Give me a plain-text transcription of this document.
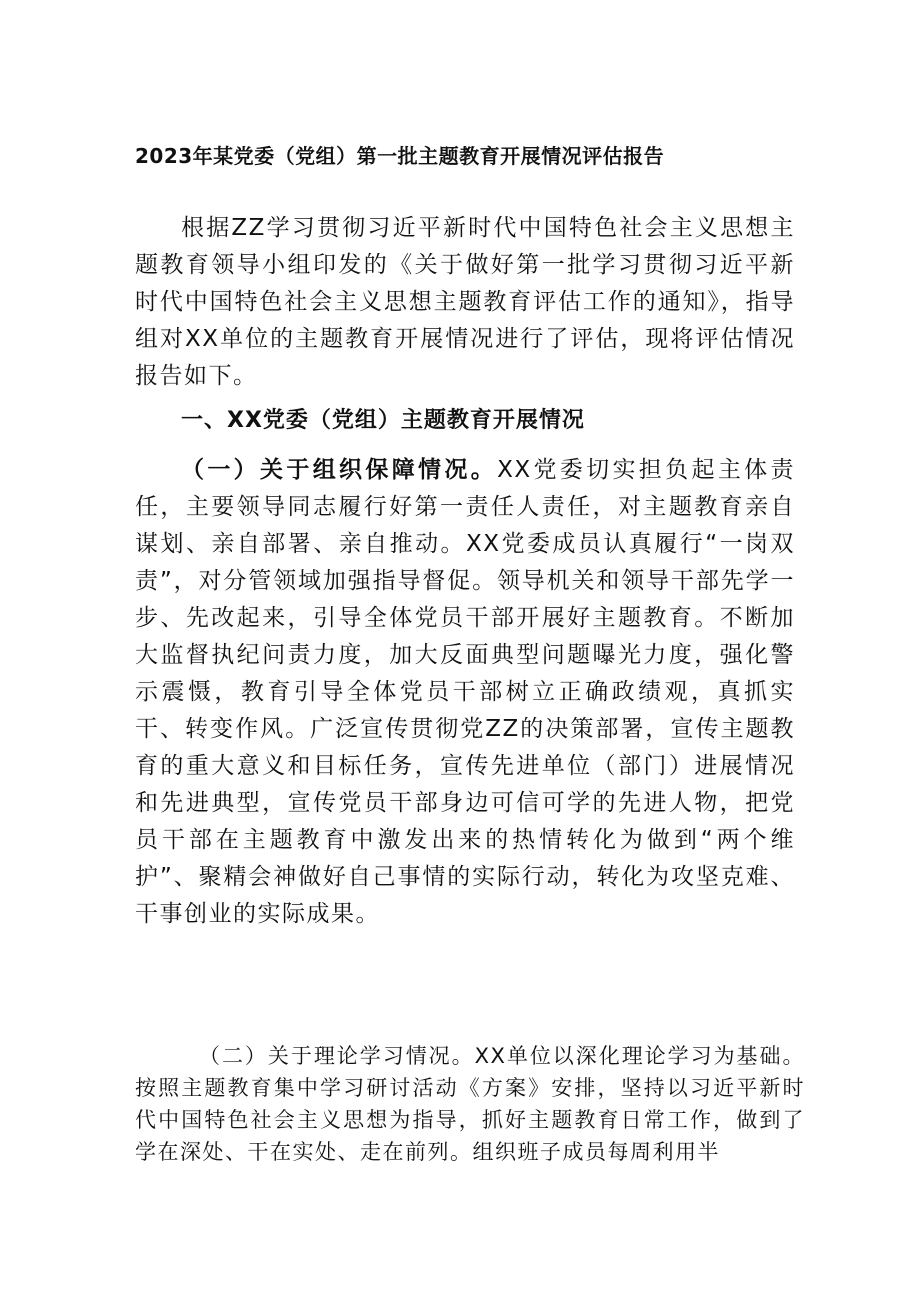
2023年某党委（党组）第一批主题教育开展情况评估报告

根据ZZ学习贯彻习近平新时代中国特色社会主义思想主题教育领导小组印发的《关于做好第一批学习贯彻习近平新时代中国特色社会主义思想主题教育评估工作的通知》，指导组对XX单位的主题教育开展情况进行了评估，现将评估情况报告如下。

一、XX党委（党组）主题教育开展情况

（一）关于组织保障情况。XX党委切实担负起主体责任，主要领导同志履行好第一责任人责任，对主题教育亲自谋划、亲自部署、亲自推动。XX党委成员认真履行“一岗双责”，对分管领域加强指导督促。领导机关和领导干部先学一步、先改起来，引导全体党员干部开展好主题教育。不断加大监督执纪问责力度，加大反面典型问题曝光力度，强化警示震慑，教育引导全体党员干部树立正确政绩观，真抓实干、转变作风。广泛宣传贯彻党ZZ的决策部署，宣传主题教育的重大意义和目标任务，宣传先进单位（部门）进展情况和先进典型，宣传党员干部身边可信可学的先进人物，把党员干部在主题教育中激发出来的热情转化为做到“两个维护”、聚精会神做好自己事情的实际行动，转化为攻坚克难、干事创业的实际成果。

（二）关于理论学习情况。XX单位以深化理论学习为基础。按照主题教育集中学习研讨活动《方案》安排，坚持以习近平新时代中国特色社会主义思想为指导，抓好主题教育日常工作，做到了学在深处、干在实处、走在前列。组织班子成员每周利用半
